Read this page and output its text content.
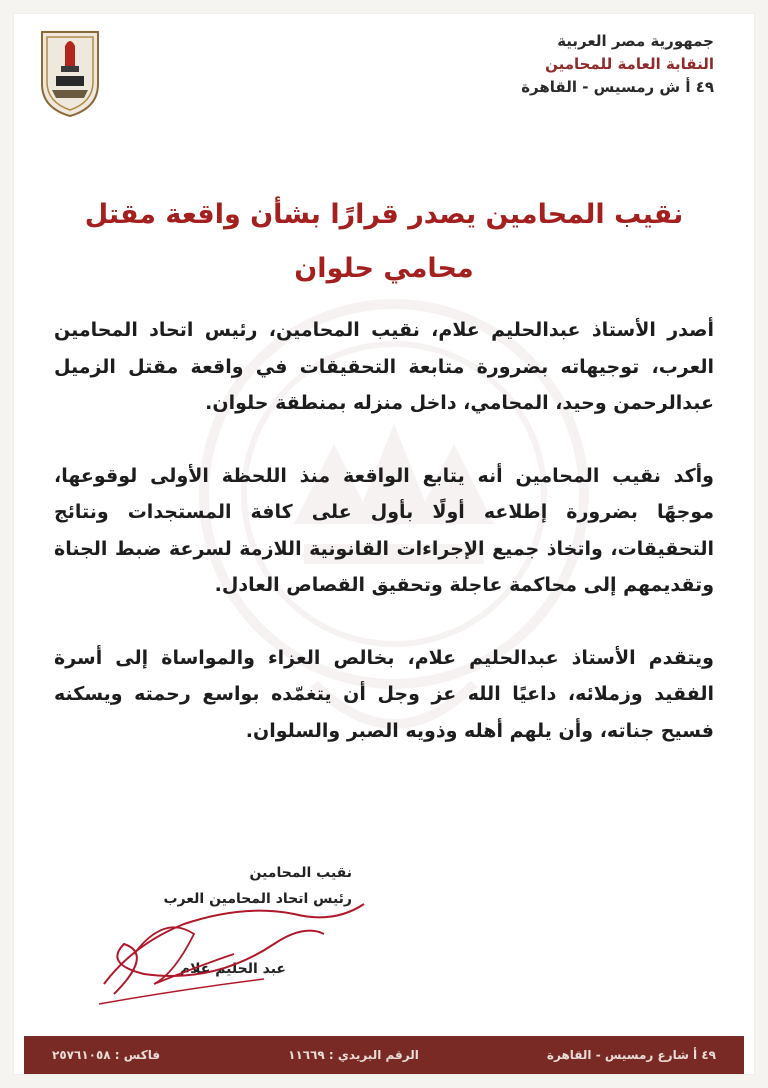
جمهورية مصر العربية
النقابة العامة للمحامين
٤٩ أ ش رمسيس - القاهرة
نقيب المحامين يصدر قرارًا بشأن واقعة مقتل
محامي حلوان

أصدر الأستاذ عبدالحليم علام، نقيب المحامين، رئيس اتحاد المحامين العرب، توجيهاته بضرورة متابعة التحقيقات في واقعة مقتل الزميل عبدالرحمن وحيد، المحامي، داخل منزله بمنطقة حلوان.

وأكد نقيب المحامين أنه يتابع الواقعة منذ اللحظة الأولى لوقوعها، موجهًا بضرورة إطلاعه أولًا بأول على كافة المستجدات ونتائج التحقيقات، واتخاذ جميع الإجراءات القانونية اللازمة لسرعة ضبط الجناة وتقديمهم إلى محاكمة عاجلة وتحقيق القصاص العادل.

ويتقدم الأستاذ عبدالحليم علام، بخالص العزاء والمواساة إلى أسرة الفقيد وزملائه، داعيًا الله عز وجل أن يتغمّده بواسع رحمته ويسكنه فسيح جناته، وأن يلهم أهله وذويه الصبر والسلوان.

نقيب المحامين
رئيس اتحاد المحامين العرب
عبد الحليم علام
٤٩ أ شارع رمسيس - القاهرة
الرقم البريدي : ١١٦٦٩
فاكس : ٢٥٧٦١٠٥٨
